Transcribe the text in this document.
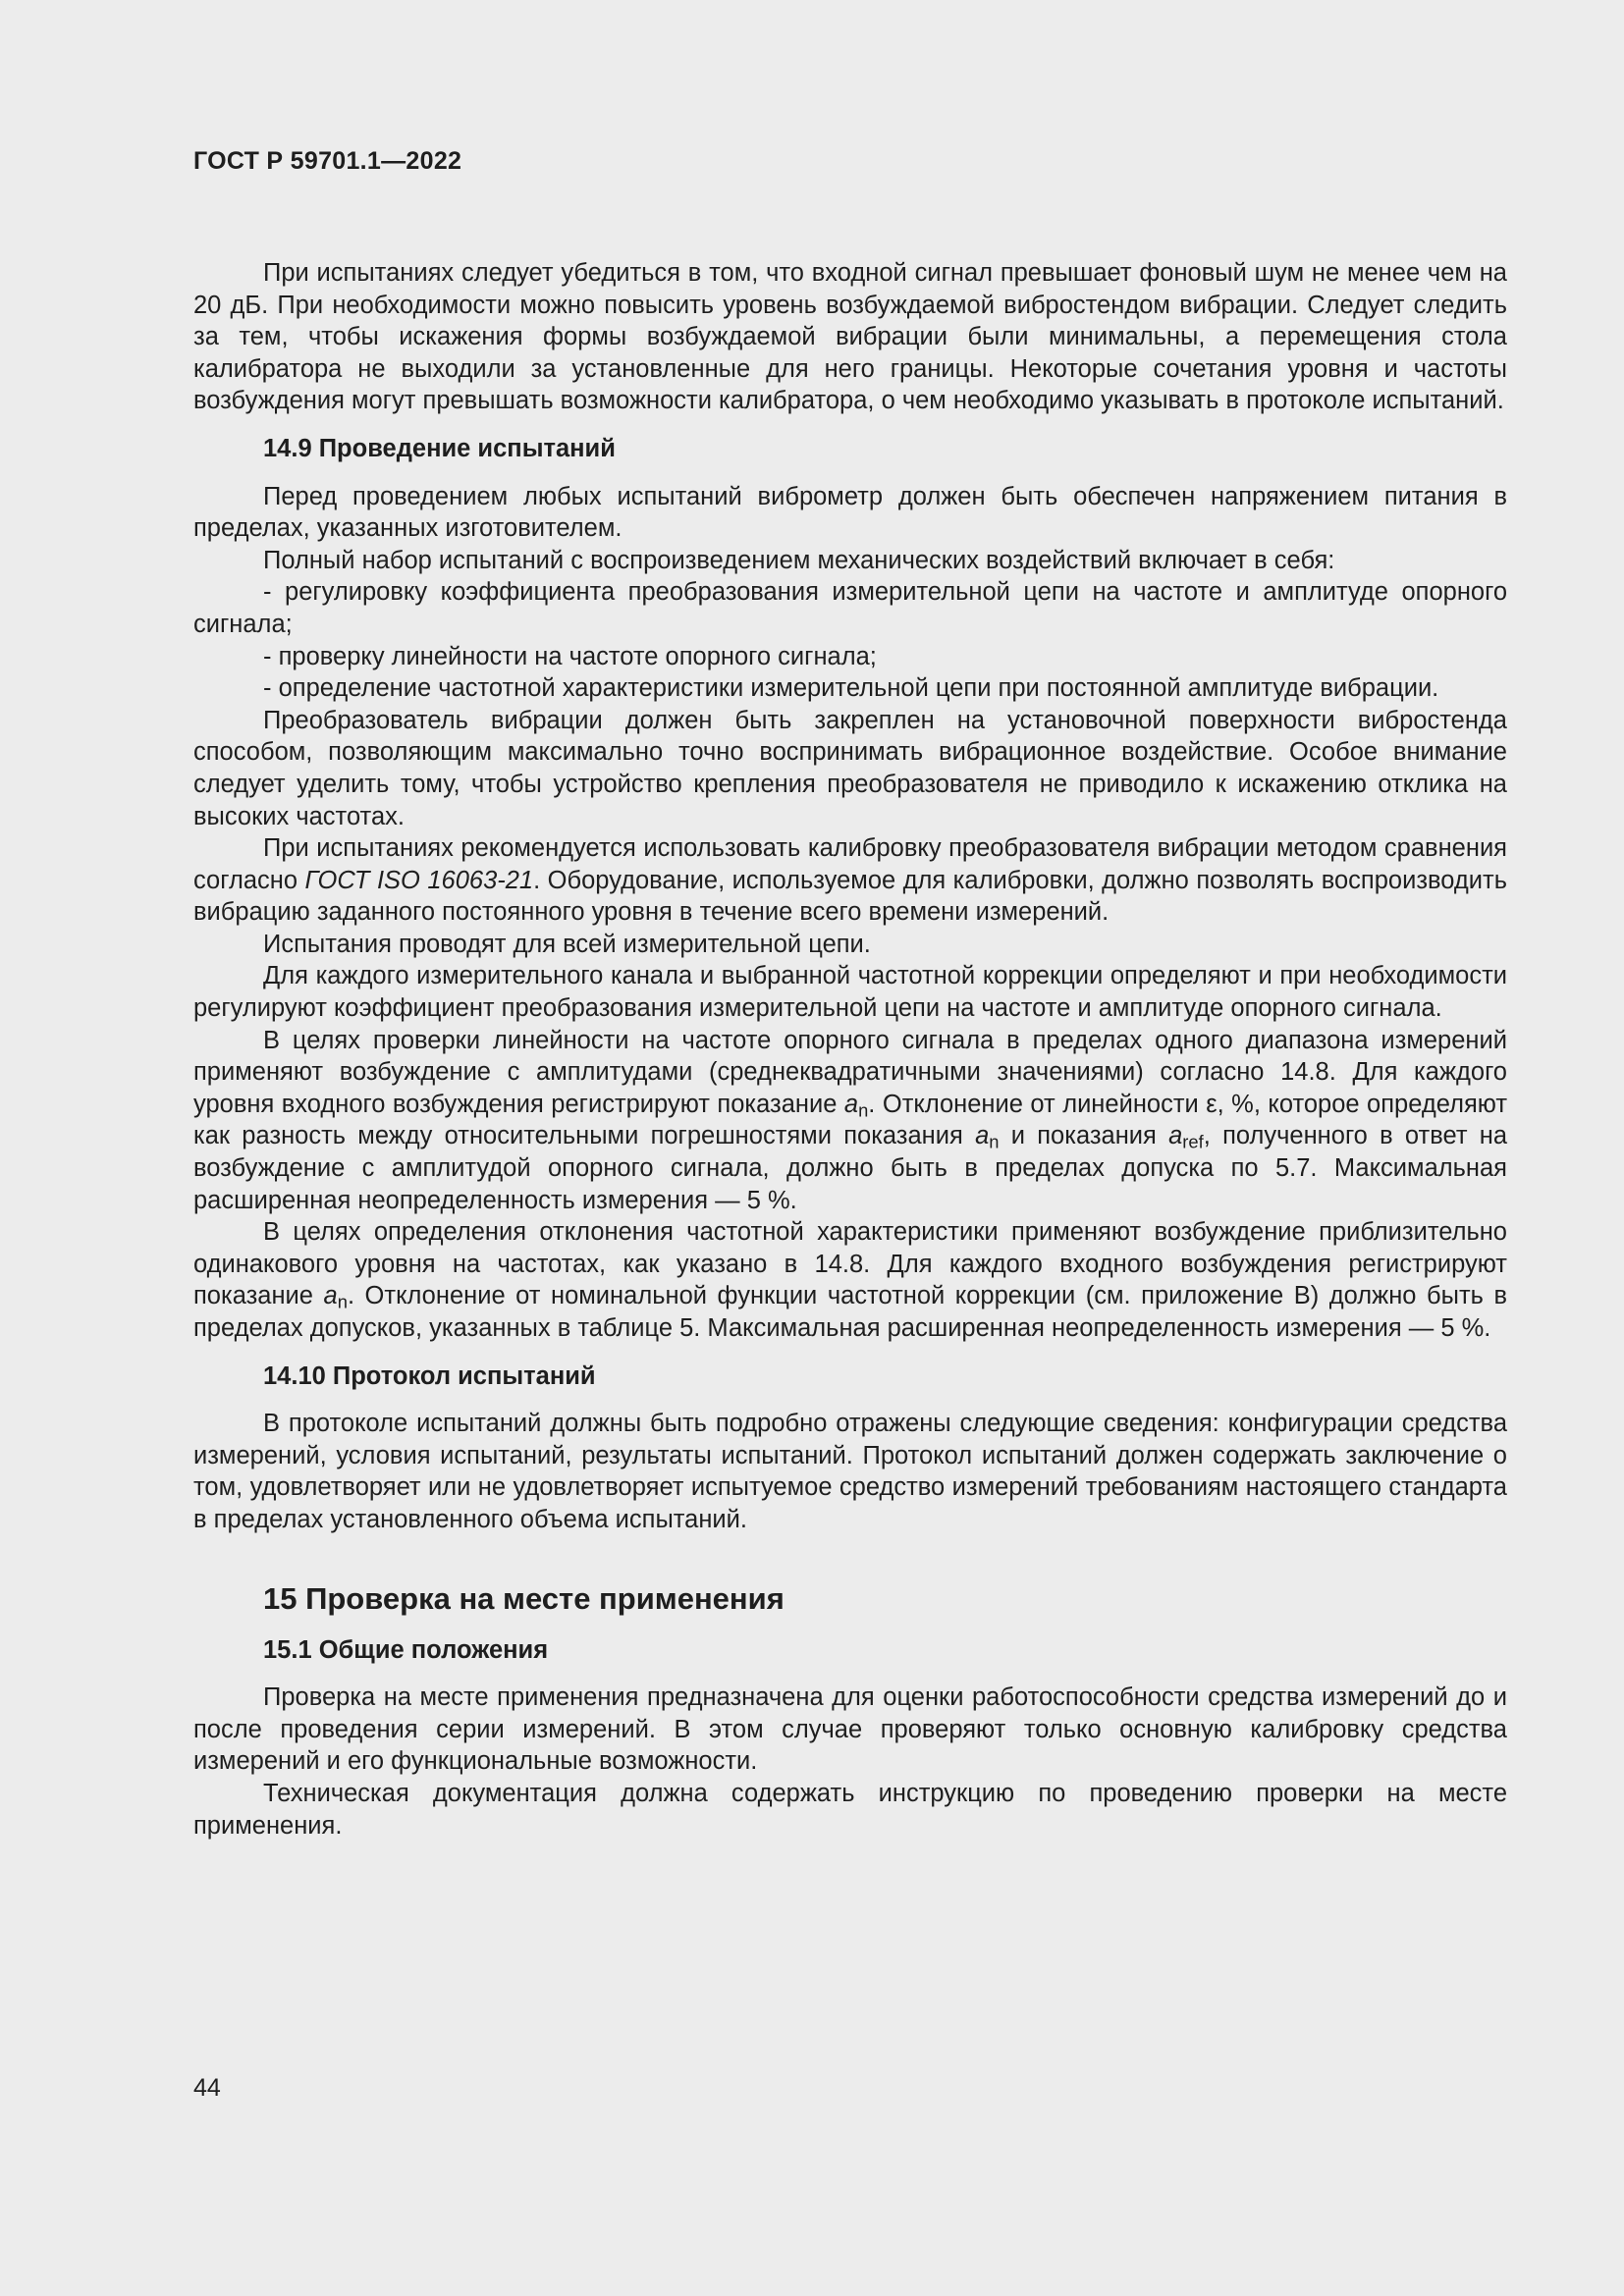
ГОСТ Р 59701.1—2022

При испытаниях следует убедиться в том, что входной сигнал превышает фоновый шум не менее чем на 20 дБ. При необходимости можно повысить уровень возбуждаемой вибростендом вибрации. Следует следить за тем, чтобы искажения формы возбуждаемой вибрации были минимальны, а перемещения стола калибратора не выходили за установленные для него границы. Некоторые сочетания уровня и частоты возбуждения могут превышать возможности калибратора, о чем необходимо указывать в протоколе испытаний.

14.9 Проведение испытаний

Перед проведением любых испытаний виброметр должен быть обеспечен напряжением питания в пределах, указанных изготовителем.

Полный набор испытаний с воспроизведением механических воздействий включает в себя:

- регулировку коэффициента преобразования измерительной цепи на частоте и амплитуде опорного сигнала;

- проверку линейности на частоте опорного сигнала;

- определение частотной характеристики измерительной цепи при постоянной амплитуде вибрации.

Преобразователь вибрации должен быть закреплен на установочной поверхности вибростенда способом, позволяющим максимально точно воспринимать вибрационное воздействие. Особое внимание следует уделить тому, чтобы устройство крепления преобразователя не приводило к искажению отклика на высоких частотах.

При испытаниях рекомендуется использовать калибровку преобразователя вибрации методом сравнения согласно ГОСТ ISO 16063-21. Оборудование, используемое для калибровки, должно позволять воспроизводить вибрацию заданного постоянного уровня в течение всего времени измерений.

Испытания проводят для всей измерительной цепи.

Для каждого измерительного канала и выбранной частотной коррекции определяют и при необходимости регулируют коэффициент преобразования измерительной цепи на частоте и амплитуде опорного сигнала.

В целях проверки линейности на частоте опорного сигнала в пределах одного диапазона измерений применяют возбуждение с амплитудами (среднеквадратичными значениями) согласно 14.8. Для каждого уровня входного возбуждения регистрируют показание $a_n$. Отклонение от линейности ε, %, которое определяют как разность между относительными погрешностями показания $a_n$ и показания $a_{ref}$, полученного в ответ на возбуждение с амплитудой опорного сигнала, должно быть в пределах допуска по 5.7. Максимальная расширенная неопределенность измерения — 5 %.

В целях определения отклонения частотной характеристики применяют возбуждение приблизительно одинакового уровня на частотах, как указано в 14.8. Для каждого входного возбуждения регистрируют показание $a_n$. Отклонение от номинальной функции частотной коррекции (см. приложение В) должно быть в пределах допусков, указанных в таблице 5. Максимальная расширенная неопределенность измерения — 5 %.

14.10 Протокол испытаний

В протоколе испытаний должны быть подробно отражены следующие сведения: конфигурации средства измерений, условия испытаний, результаты испытаний. Протокол испытаний должен содержать заключение о том, удовлетворяет или не удовлетворяет испытуемое средство измерений требованиям настоящего стандарта в пределах установленного объема испытаний.

15 Проверка на месте применения
15.1 Общие положения

Проверка на месте применения предназначена для оценки работоспособности средства измерений до и после проведения серии измерений. В этом случае проверяют только основную калибровку средства измерений и его функциональные возможности.

Техническая документация должна содержать инструкцию по проведению проверки на месте применения.

44
